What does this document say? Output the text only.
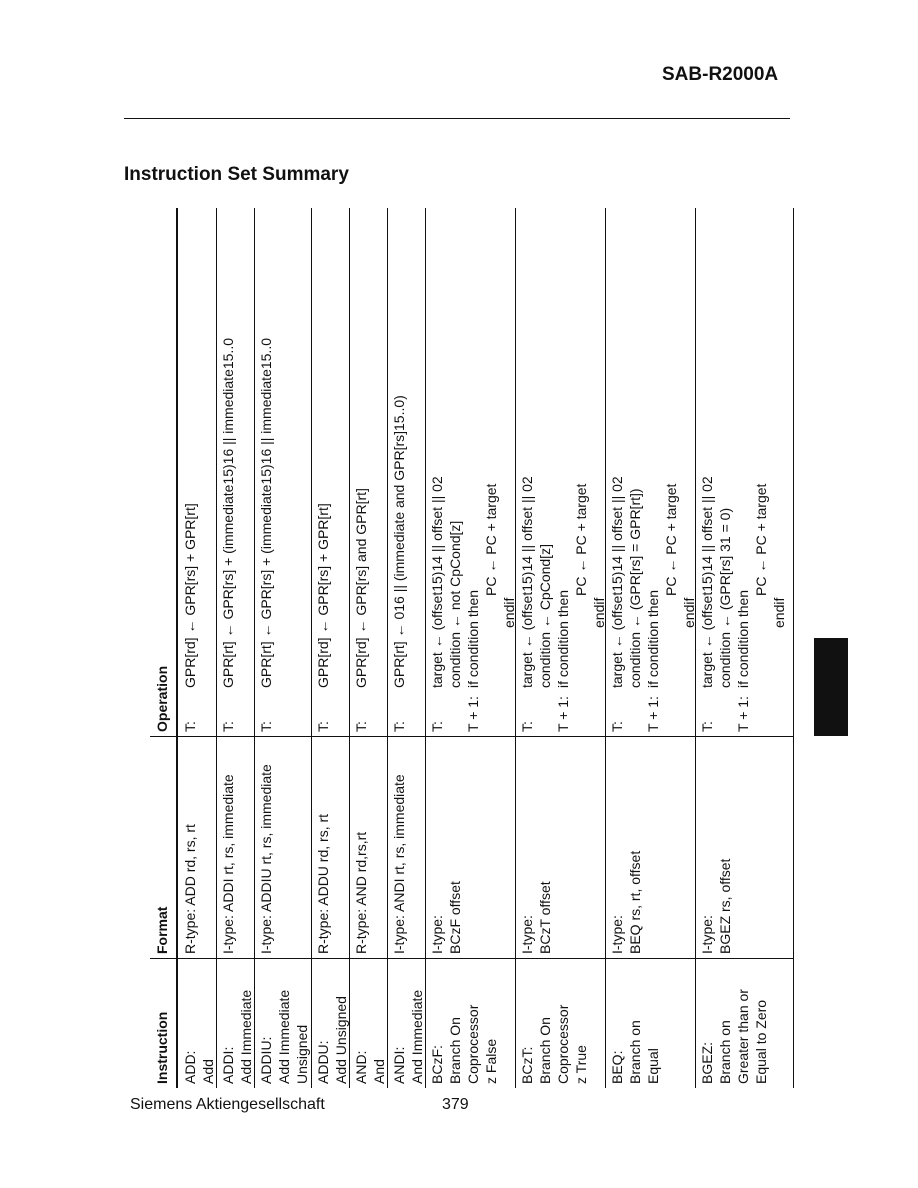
SAB-R2000A
Instruction Set Summary
Instruction
Format
Operation
ADD: Add
R-type: ADD rd, rs, rt
T:
GPR[rd] ← GPR[rs] + GPR[rt]
ADDI: Add Immediate
I-type: ADDI rt, rs, immediate
T:
GPR[rt] ← GPR[rs] + (immediate15)16 || immediate15..0
ADDIU: Add Immediate Unsigned
I-type: ADDIU rt, rs, immediate
T:
GPR[rt] ← GPR[rs] + (immediate15)16 || immediate15..0
ADDU: Add Unsigned
R-type: ADDU rd, rs, rt
T:
GPR[rd] ← GPR[rs] + GPR[rt]
AND: And
R-type: AND rd,rs,rt
T:
GPR[rd] ← GPR[rs] and GPR[rt]
ANDI: And Immediate
I-type: ANDI rt, rs, immediate
T:
GPR[rt] ← 016 || (immediate and GPR[rs]15..0)
BCzF: Branch On Coprocessor z False
I-type: BCzF offset
T:
target ← (offset15)14 || offset || 02 condition ← not CpCond[z]
T + 1:
if condition then
PC ← PC + target
endif
BCzT: Branch On Coprocessor z True
I-type: BCzT offset
T:
target ← (offset15)14 || offset || 02 condition ← CpCond[z]
T + 1:
if condition then
PC ← PC + target
endif
BEQ: Branch on Equal
I-type: BEQ rs, rt, offset
T:
target ← (offset15)14 || offset || 02 condition ← (GPR[rs] = GPR[rt])
T + 1:
if condition then
PC ← PC + target
endif
BGEZ: Branch on Greater than or Equal to Zero
I-type: BGEZ rs, offset
T:
target ← (offset15)14 || offset || 02 condition ← (GPR[rs] 31 = 0)
T + 1:
if condition then
PC ← PC + target
endif
Siemens Aktiengesellschaft	379
